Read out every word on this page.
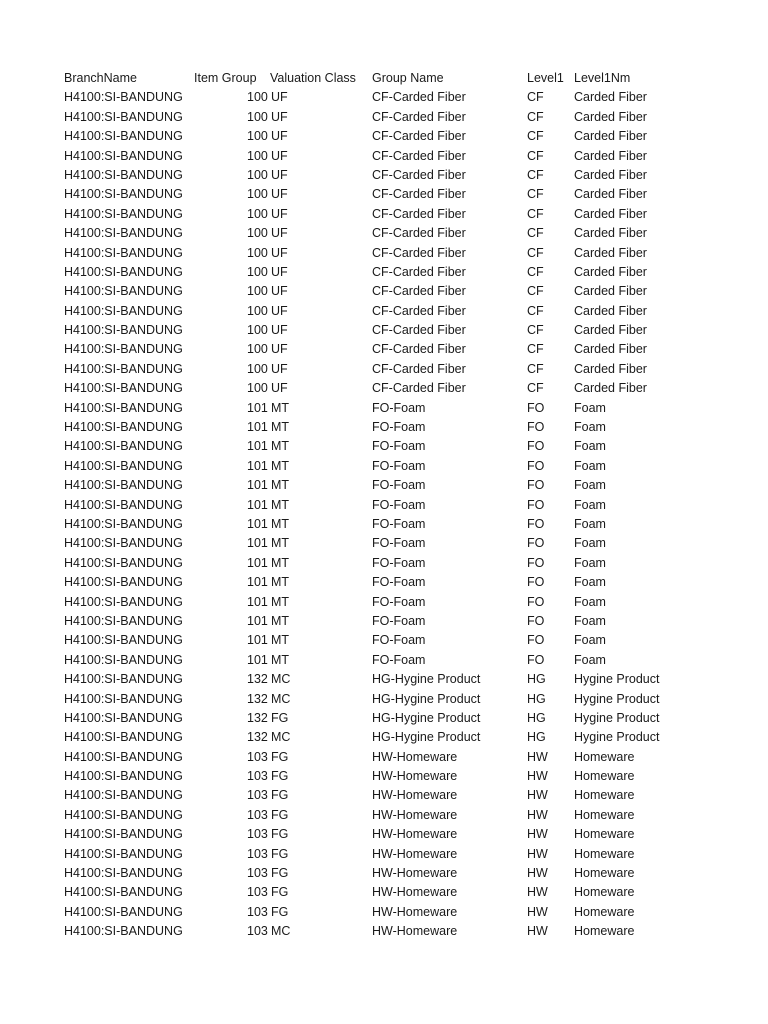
BranchName	Item Group Valuation Class Group Name	Level1 Level1Nm
H4100:SI-BANDUNG	100 UF	CF-Carded Fiber	CF Carded Fiber
H4100:SI-BANDUNG	100 UF	CF-Carded Fiber	CF Carded Fiber
H4100:SI-BANDUNG	100 UF	CF-Carded Fiber	CF Carded Fiber
H4100:SI-BANDUNG	100 UF	CF-Carded Fiber	CF Carded Fiber
H4100:SI-BANDUNG	100 UF	CF-Carded Fiber	CF Carded Fiber
H4100:SI-BANDUNG	100 UF	CF-Carded Fiber	CF Carded Fiber
H4100:SI-BANDUNG	100 UF	CF-Carded Fiber	CF Carded Fiber
H4100:SI-BANDUNG	100 UF	CF-Carded Fiber	CF Carded Fiber
H4100:SI-BANDUNG	100 UF	CF-Carded Fiber	CF Carded Fiber
H4100:SI-BANDUNG	100 UF	CF-Carded Fiber	CF Carded Fiber
H4100:SI-BANDUNG	100 UF	CF-Carded Fiber	CF Carded Fiber
H4100:SI-BANDUNG	100 UF	CF-Carded Fiber	CF Carded Fiber
H4100:SI-BANDUNG	100 UF	CF-Carded Fiber	CF Carded Fiber
H4100:SI-BANDUNG	100 UF	CF-Carded Fiber	CF Carded Fiber
H4100:SI-BANDUNG	100 UF	CF-Carded Fiber	CF Carded Fiber
H4100:SI-BANDUNG	100 UF	CF-Carded Fiber	CF Carded Fiber
H4100:SI-BANDUNG	101 MT	FO-Foam	FO Foam
H4100:SI-BANDUNG	101 MT	FO-Foam	FO Foam
H4100:SI-BANDUNG	101 MT	FO-Foam	FO Foam
H4100:SI-BANDUNG	101 MT	FO-Foam	FO Foam
H4100:SI-BANDUNG	101 MT	FO-Foam	FO Foam
H4100:SI-BANDUNG	101 MT	FO-Foam	FO Foam
H4100:SI-BANDUNG	101 MT	FO-Foam	FO Foam
H4100:SI-BANDUNG	101 MT	FO-Foam	FO Foam
H4100:SI-BANDUNG	101 MT	FO-Foam	FO Foam
H4100:SI-BANDUNG	101 MT	FO-Foam	FO Foam
H4100:SI-BANDUNG	101 MT	FO-Foam	FO Foam
H4100:SI-BANDUNG	101 MT	FO-Foam	FO Foam
H4100:SI-BANDUNG	101 MT	FO-Foam	FO Foam
H4100:SI-BANDUNG	101 MT	FO-Foam	FO Foam
H4100:SI-BANDUNG	132 MC	HG-Hygine Product	HG Hygine Product
H4100:SI-BANDUNG	132 MC	HG-Hygine Product	HG Hygine Product
H4100:SI-BANDUNG	132 FG	HG-Hygine Product	HG Hygine Product
H4100:SI-BANDUNG	132 MC	HG-Hygine Product	HG Hygine Product
H4100:SI-BANDUNG	103 FG	HW-Homeware	HW Homeware
H4100:SI-BANDUNG	103 FG	HW-Homeware	HW Homeware
H4100:SI-BANDUNG	103 FG	HW-Homeware	HW Homeware
H4100:SI-BANDUNG	103 FG	HW-Homeware	HW Homeware
H4100:SI-BANDUNG	103 FG	HW-Homeware	HW Homeware
H4100:SI-BANDUNG	103 FG	HW-Homeware	HW Homeware
H4100:SI-BANDUNG	103 FG	HW-Homeware	HW Homeware
H4100:SI-BANDUNG	103 FG	HW-Homeware	HW Homeware
H4100:SI-BANDUNG	103 FG	HW-Homeware	HW Homeware
H4100:SI-BANDUNG	103 MC	HW-Homeware	HW Homeware
